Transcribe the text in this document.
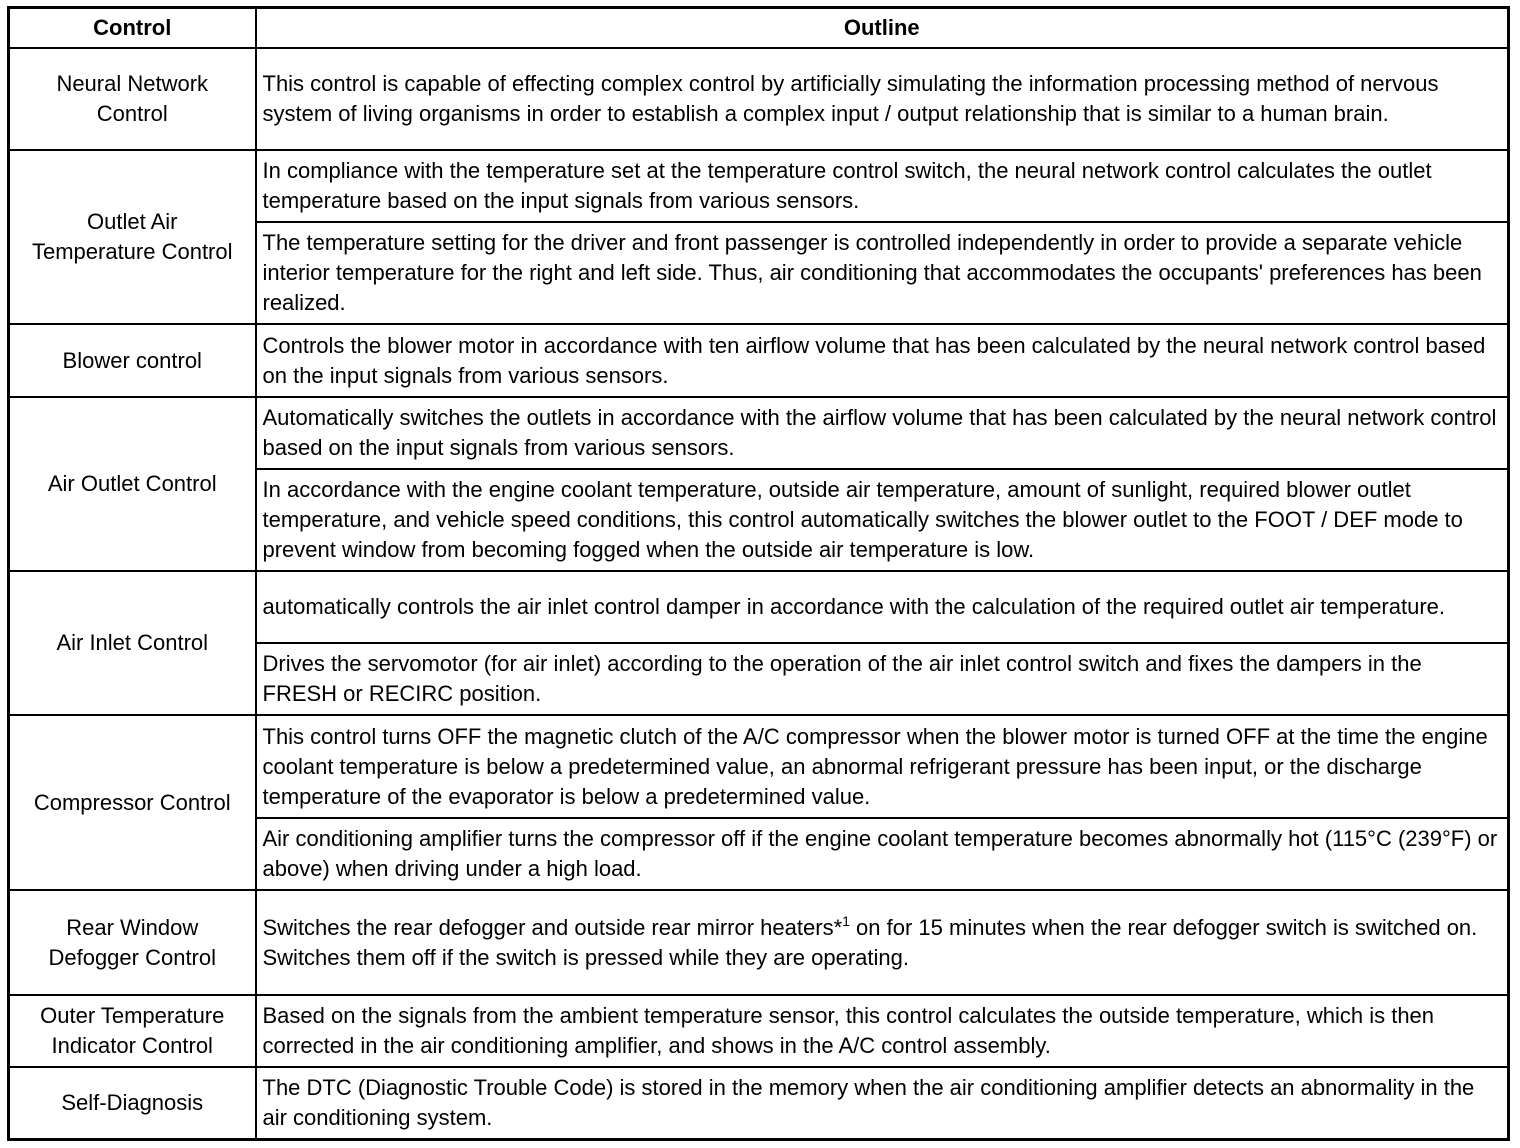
Control	Outline

Neural Network
Control	This control is capable of effecting complex control by artificially simulating the information processing method of nervous system of living organisms in order to establish a complex input / output relationship that is similar to a human brain.

Outlet Air
Temperature Control	In compliance with the temperature set at the temperature control switch, the neural network control calculates the outlet temperature based on the input signals from various sensors.
	The temperature setting for the driver and front passenger is controlled independently in order to provide a separate vehicle interior temperature for the right and left side. Thus, air conditioning that accommodates the occupants' preferences has been realized.

Blower control	Controls the blower motor in accordance with ten airflow volume that has been calculated by the neural network control based on the input signals from various sensors.

Air Outlet Control	Automatically switches the outlets in accordance with the airflow volume that has been calculated by the neural network control based on the input signals from various sensors.
	In accordance with the engine coolant temperature, outside air temperature, amount of sunlight, required blower outlet temperature, and vehicle speed conditions, this control automatically switches the blower outlet to the FOOT / DEF mode to prevent window from becoming fogged when the outside air temperature is low.

Air Inlet Control	automatically controls the air inlet control damper in accordance with the calculation of the required outlet air temperature.
	Drives the servomotor (for air inlet) according to the operation of the air inlet control switch and fixes the dampers in the FRESH or RECIRC position.

Compressor Control	This control turns OFF the magnetic clutch of the A/C compressor when the blower motor is turned OFF at the time the engine coolant temperature is below a predetermined value, an abnormal refrigerant pressure has been input, or the discharge temperature of the evaporator is below a predetermined value.
	Air conditioning amplifier turns the compressor off if the engine coolant temperature becomes abnormally hot (115°C (239°F) or above) when driving under a high load.

Rear Window
Defogger Control	Switches the rear defogger and outside rear mirror heaters*$^1$ on for 15 minutes when the rear defogger switch is switched on.
Switches them off if the switch is pressed while they are operating.

Outer Temperature
Indicator Control	Based on the signals from the ambient temperature sensor, this control calculates the outside temperature, which is then corrected in the air conditioning amplifier, and shows in the A/C control assembly.

Self-Diagnosis	The DTC (Diagnostic Trouble Code) is stored in the memory when the air conditioning amplifier detects an abnormality in the air conditioning system.
